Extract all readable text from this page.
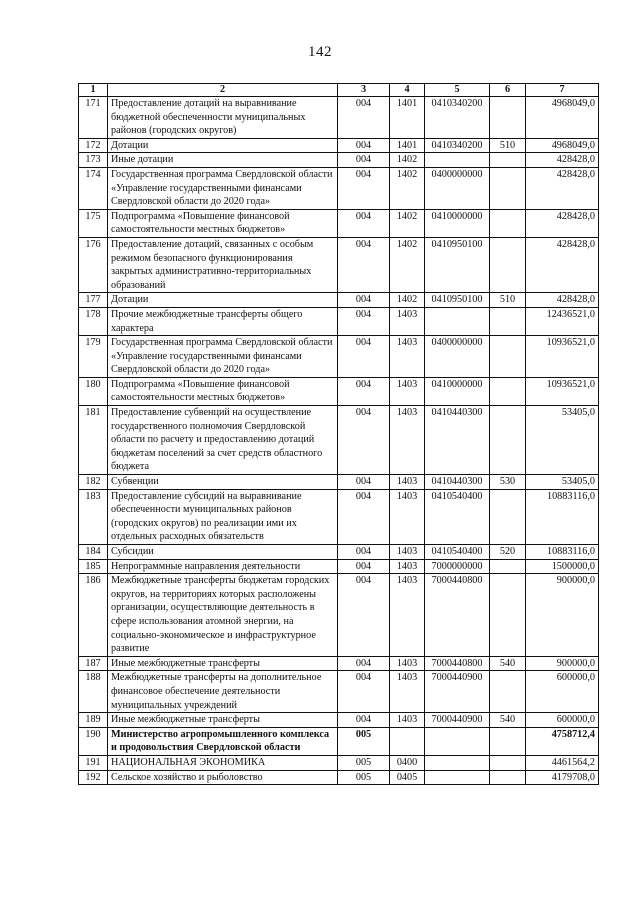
142
1	2	3	4	5	6	7
171	Предоставление дотаций на выравнивание бюджетной обеспеченности муниципальных районов (городских округов)	004	1401	0410340200		4968049,0
172	Дотации	004	1401	0410340200	510	4968049,0
173	Иные дотации	004	1402			428428,0
174	Государственная программа Свердловской области «Управление государственными финансами Свердловской области до 2020 года»	004	1402	0400000000		428428,0
175	Подпрограмма «Повышение финансовой самостоятельности местных бюджетов»	004	1402	0410000000		428428,0
176	Предоставление дотаций, связанных с особым режимом безопасного функционирования закрытых административно-территориальных образований	004	1402	0410950100		428428,0
177	Дотации	004	1402	0410950100	510	428428,0
178	Прочие межбюджетные трансферты общего характера	004	1403			12436521,0
179	Государственная программа Свердловской области «Управление государственными финансами Свердловской области до 2020 года»	004	1403	0400000000		10936521,0
180	Подпрограмма «Повышение финансовой самостоятельности местных бюджетов»	004	1403	0410000000		10936521,0
181	Предоставление субвенций на осуществление государственного полномочия Свердловской области по расчету и предоставлению дотаций бюджетам поселений за счет средств областного бюджета	004	1403	0410440300		53405,0
182	Субвенции	004	1403	0410440300	530	53405,0
183	Предоставление субсидий на выравнивание обеспеченности муниципальных районов (городских округов) по реализации ими их отдельных расходных обязательств	004	1403	0410540400		10883116,0
184	Субсидии	004	1403	0410540400	520	10883116,0
185	Непрограммные направления деятельности	004	1403	7000000000		1500000,0
186	Межбюджетные трансферты бюджетам городских округов, на территориях которых расположены организации, осуществляющие деятельность в сфере использования атомной энергии, на социально-экономическое и инфраструктурное развитие	004	1403	7000440800		900000,0
187	Иные межбюджетные трансферты	004	1403	7000440800	540	900000,0
188	Межбюджетные трансферты на дополнительное финансовое обеспечение деятельности муниципальных учреждений	004	1403	7000440900		600000,0
189	Иные межбюджетные трансферты	004	1403	7000440900	540	600000,0
190	Министерство агропромышленного комплекса и продовольствия Свердловской области	005				4758712,4
191	НАЦИОНАЛЬНАЯ ЭКОНОМИКА	005	0400			4461564,2
192	Сельское хозяйство и рыболовство	005	0405			4179708,0
